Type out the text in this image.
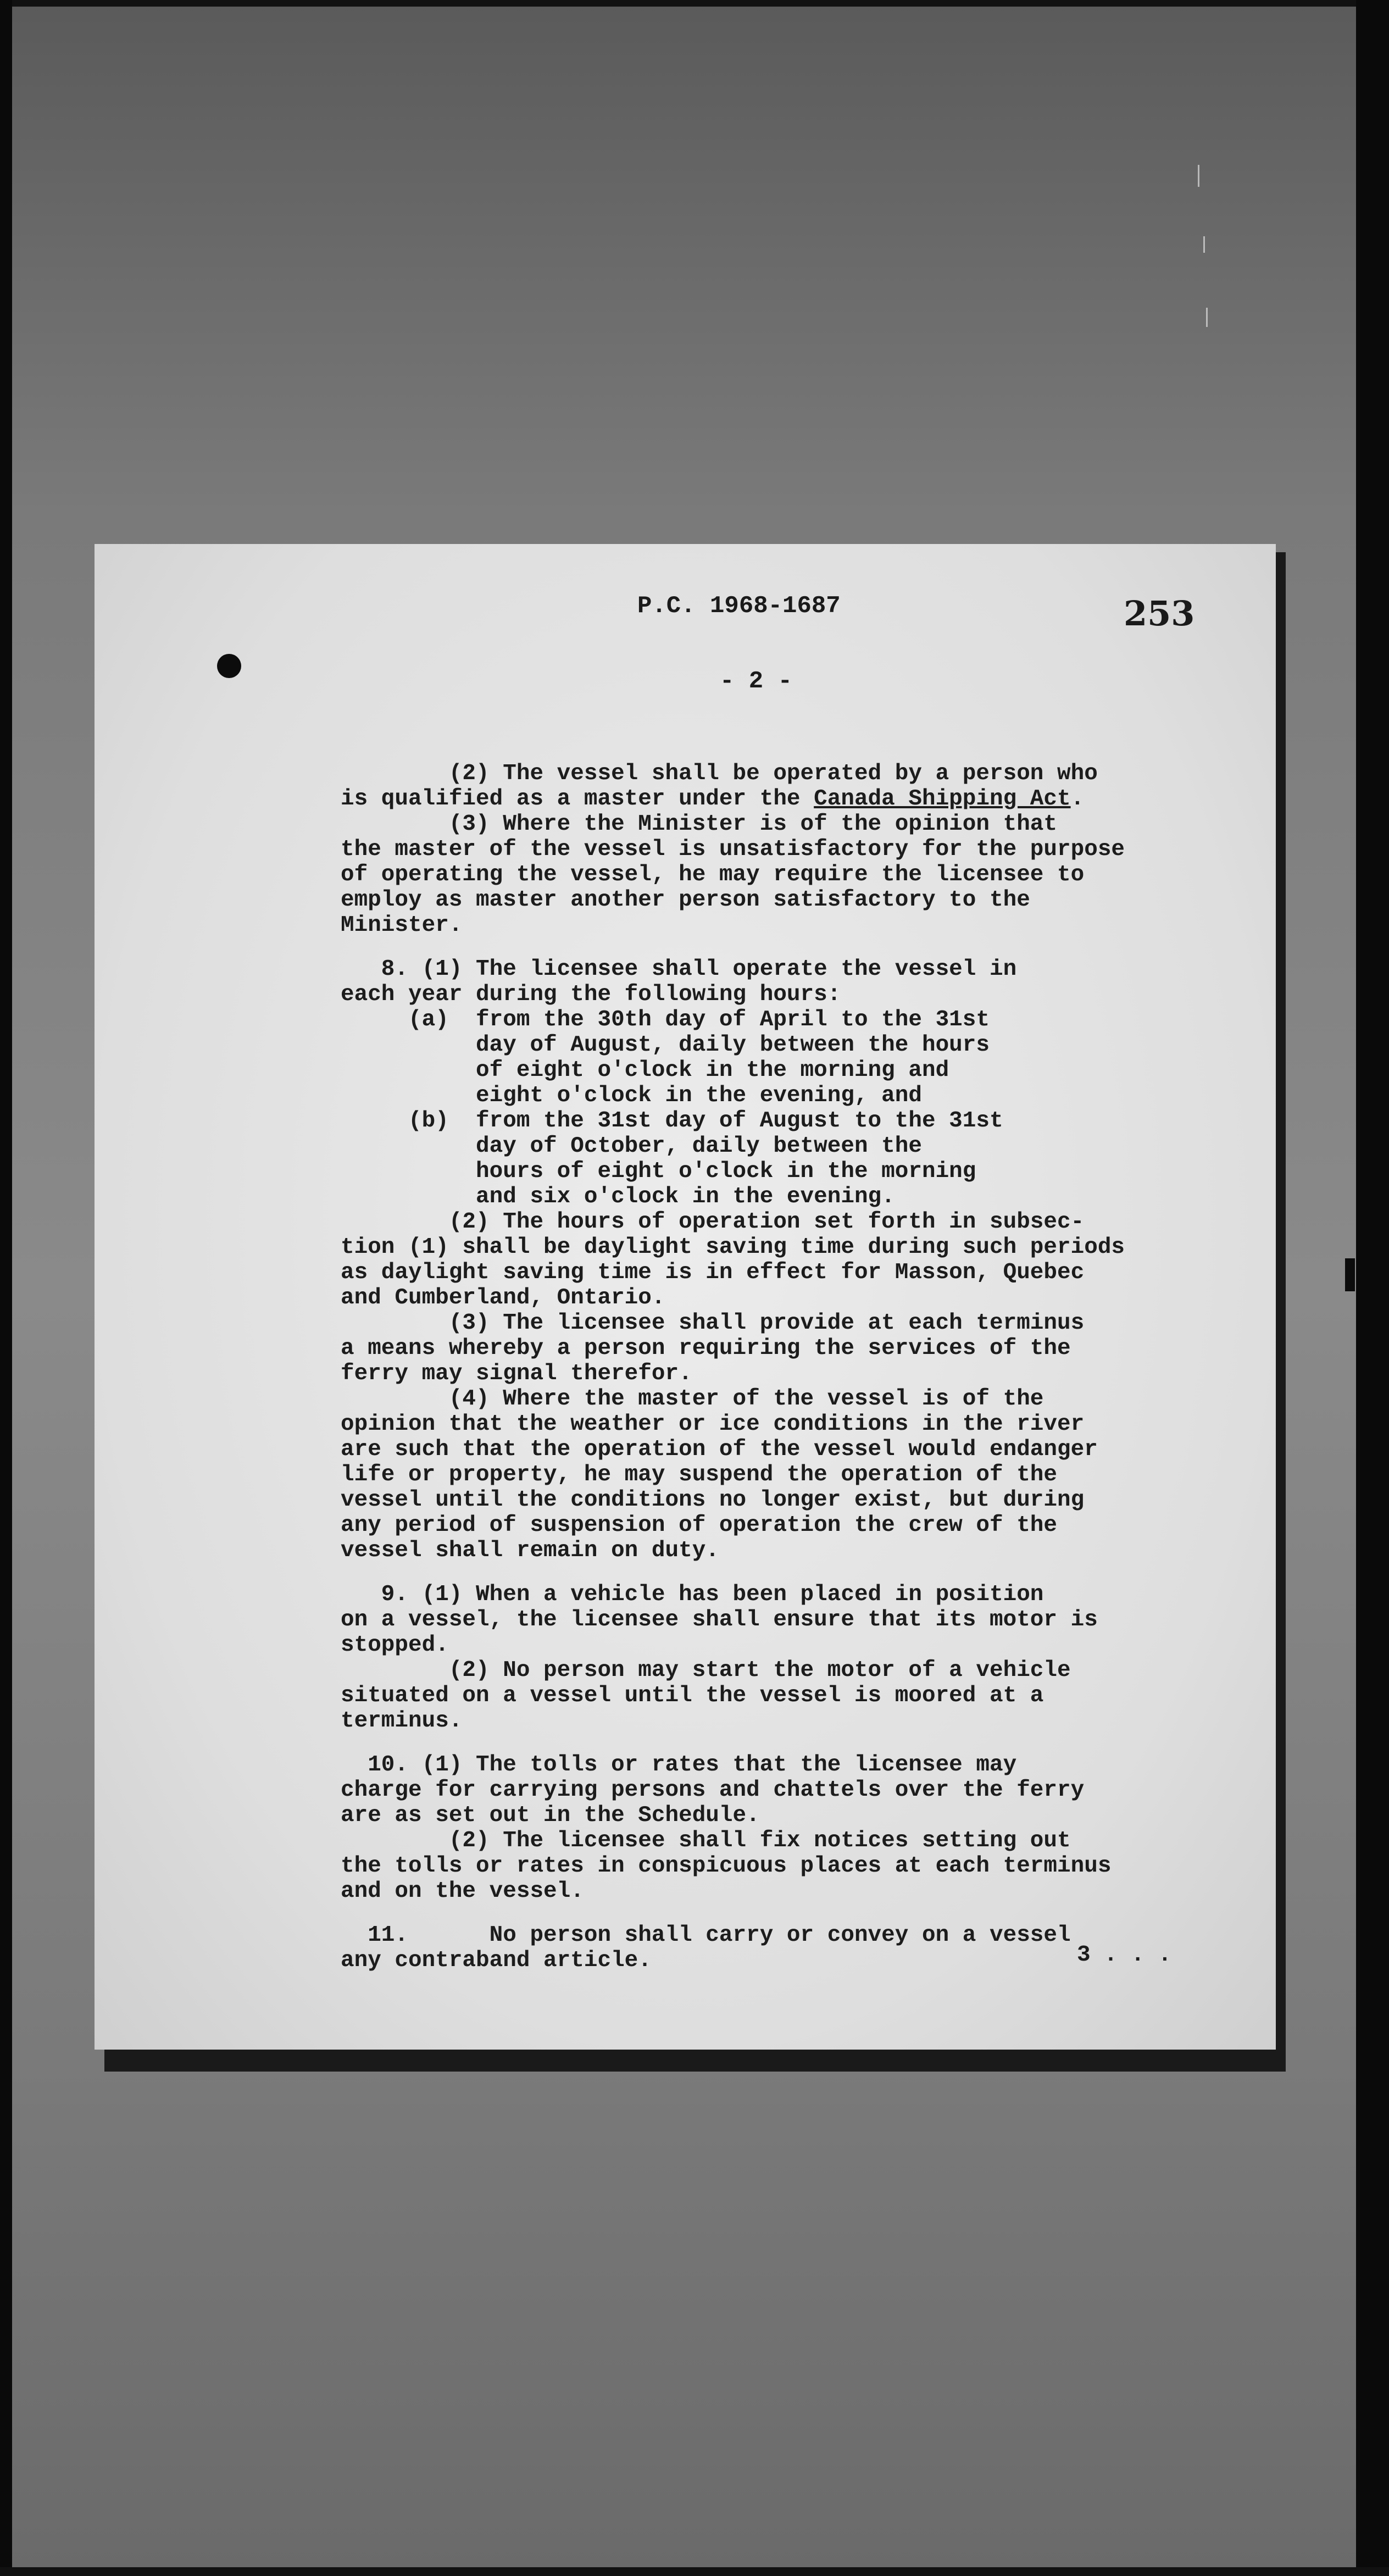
P.C. 1968-1687	253
- 2 -
(2) The vessel shall be operated by a person who
is qualified as a master under the Canada Shipping Act.
(3) Where the Minister is of the opinion that
the master of the vessel is unsatisfactory for the purpose
of operating the vessel, he may require the licensee to
employ as master another person satisfactory to the
Minister.
8. (1) The licensee shall operate the vessel in
each year during the following hours:
(a)  from the 30th day of April to the 31st
day of August, daily between the hours
of eight o'clock in the morning and
eight o'clock in the evening, and
(b)  from the 31st day of August to the 31st
day of October, daily between the
hours of eight o'clock in the morning
and six o'clock in the evening.
(2) The hours of operation set forth in subsec-
tion (1) shall be daylight saving time during such periods
as daylight saving time is in effect for Masson, Quebec
and Cumberland, Ontario.
(3) The licensee shall provide at each terminus
a means whereby a person requiring the services of the
ferry may signal therefor.
(4) Where the master of the vessel is of the
opinion that the weather or ice conditions in the river
are such that the operation of the vessel would endanger
life or property, he may suspend the operation of the
vessel until the conditions no longer exist, but during
any period of suspension of operation the crew of the
vessel shall remain on duty.
9. (1) When a vehicle has been placed in position
on a vessel, the licensee shall ensure that its motor is
stopped.
(2) No person may start the motor of a vehicle
situated on a vessel until the vessel is moored at a
terminus.
10. (1) The tolls or rates that the licensee may
charge for carrying persons and chattels over the ferry
are as set out in the Schedule.
(2) The licensee shall fix notices setting out
the tolls or rates in conspicuous places at each terminus
and on the vessel.
11.      No person shall carry or convey on a vessel
any contraband article.	3 . . .
